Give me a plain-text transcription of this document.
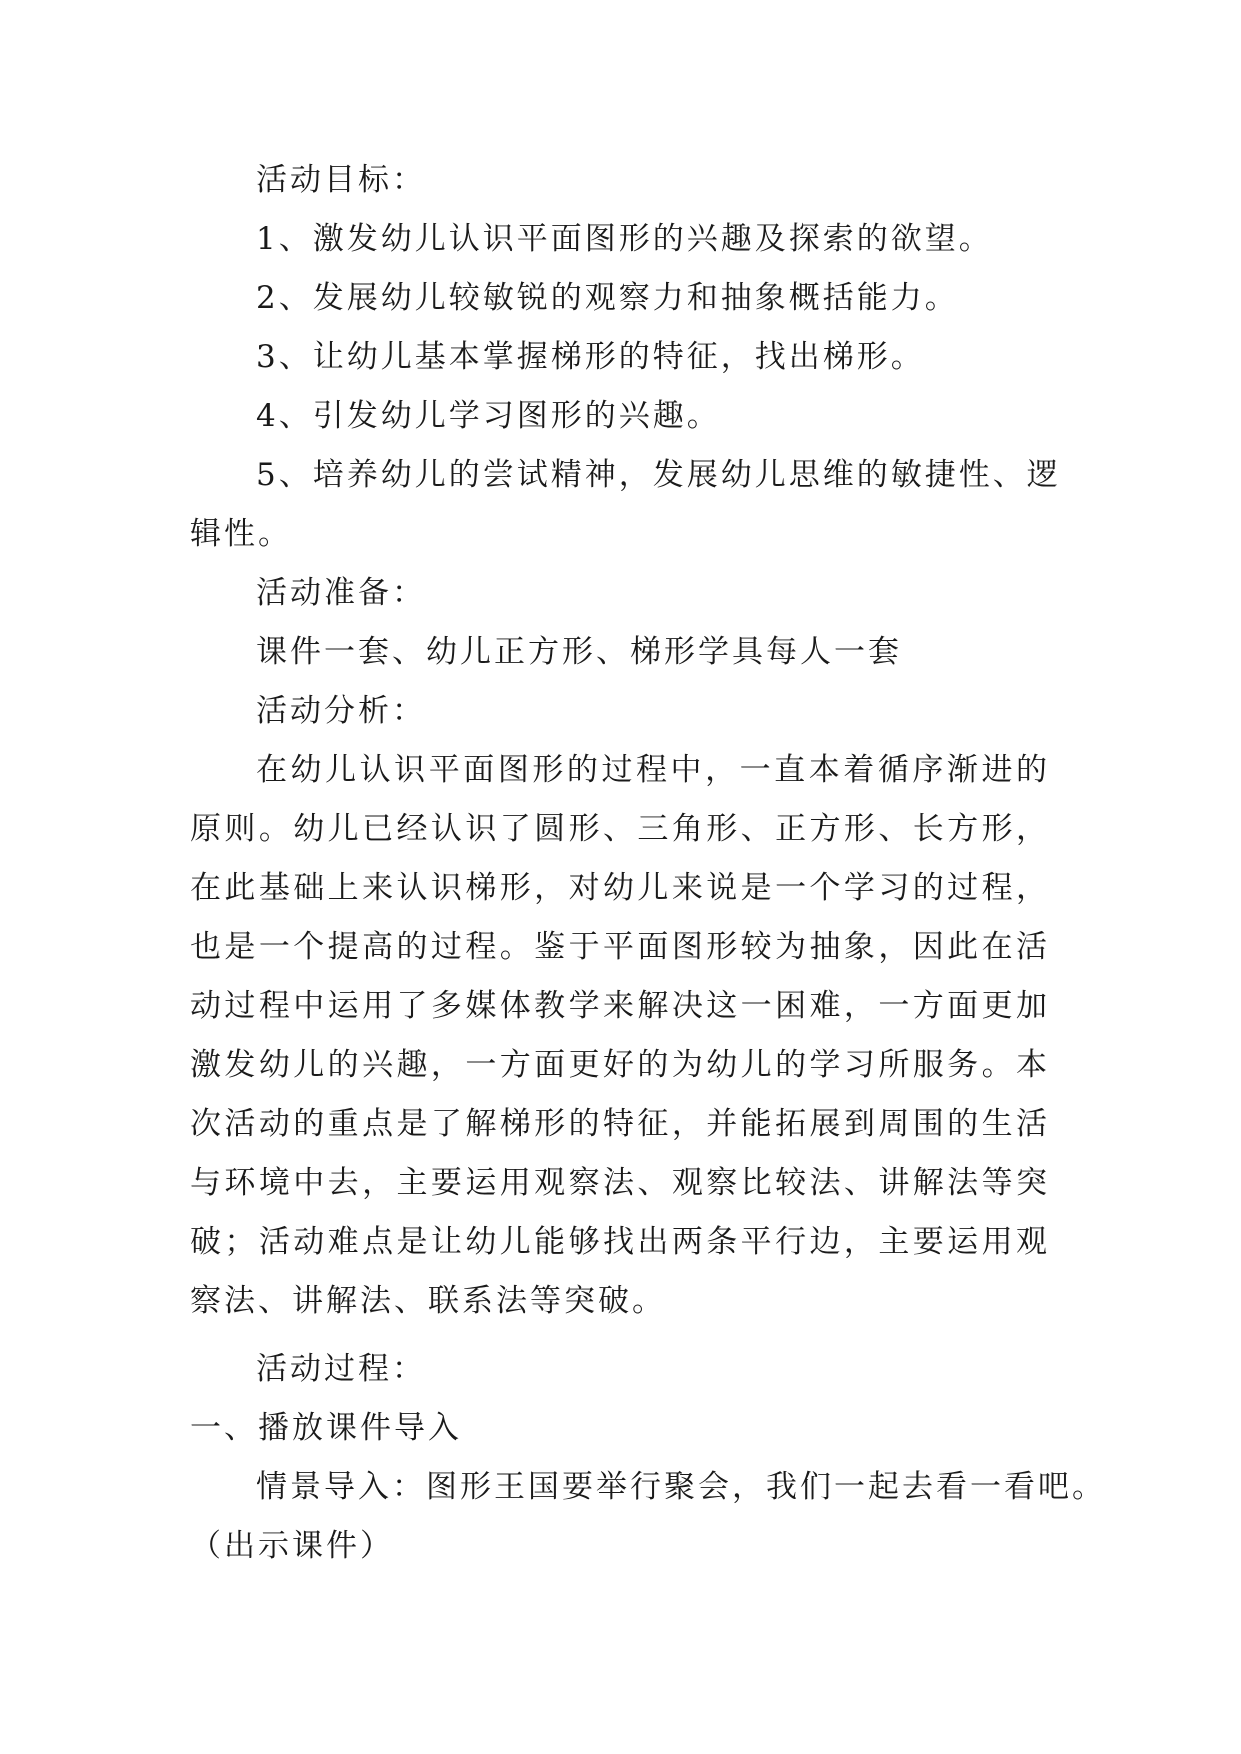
活动目标：
1、激发幼儿认识平面图形的兴趣及探索的欲望。
2、发展幼儿较敏锐的观察力和抽象概括能力。
3、让幼儿基本掌握梯形的特征，找出梯形。
4、引发幼儿学习图形的兴趣。
5、培养幼儿的尝试精神，发展幼儿思维的敏捷性、逻
辑性。
活动准备：
课件一套、幼儿正方形、梯形学具每人一套
活动分析：
在幼儿认识平面图形的过程中，一直本着循序渐进的原则。幼儿已经认识了圆形、三角形、正方形、长方形，在此基础上来认识梯形，对幼儿来说是一个学习的过程，也是一个提高的过程。鉴于平面图形较为抽象，因此在活动过程中运用了多媒体教学来解决这一困难，一方面更加激发幼儿的兴趣，一方面更好的为幼儿的学习所服务。本次活动的重点是了解梯形的特征，并能拓展到周围的生活与环境中去，主要运用观察法、观察比较法、讲解法等突破；活动难点是让幼儿能够找出两条平行边，主要运用观察法、讲解法、联系法等突破。
活动过程：
一、播放课件导入
情景导入：图形王国要举行聚会，我们一起去看一看吧。
（出示课件）
